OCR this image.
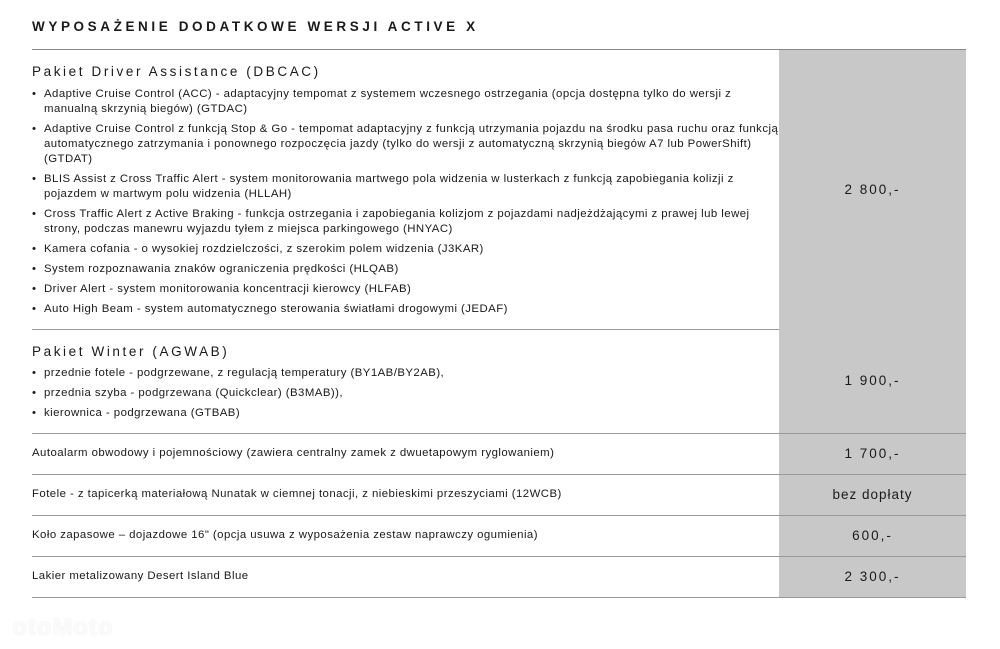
WYPOSAŻENIE DODATKOWE WERSJI ACTIVE X
Pakiet Driver Assistance (DBCAC)
• Adaptive Cruise Control (ACC) - adaptacyjny tempomat z systemem wczesnego ostrzegania (opcja dostępna tylko do wersji z manualną skrzynią biegów) (GTDAC)
• Adaptive Cruise Control z funkcją Stop & Go - tempomat adaptacyjny z funkcją utrzymania pojazdu na środku pasa ruchu oraz funkcją automatycznego zatrzymania i ponownego rozpoczęcia jazdy (tylko do wersji z automatyczną skrzynią biegów A7 lub PowerShift) (GTDAT)
• BLIS Assist z Cross Traffic Alert - system monitorowania martwego pola widzenia w lusterkach z funkcją zapobiegania kolizji z pojazdem w martwym polu widzenia (HLLAH)
• Cross Traffic Alert z Active Braking - funkcja ostrzegania i zapobiegania kolizjom z pojazdami nadjeżdżającymi z prawej lub lewej strony, podczas manewru wyjazdu tyłem z miejsca parkingowego (HNYAC)
• Kamera cofania - o wysokiej rozdzielczości, z szerokim polem widzenia (J3KAR)
• System rozpoznawania znaków ograniczenia prędkości (HLQAB)
• Driver Alert - system monitorowania koncentracji kierowcy (HLFAB)
• Auto High Beam - system automatycznego sterowania światłami drogowymi (JEDAF)
2 800,-
Pakiet Winter (AGWAB)
• przednie fotele - podgrzewane, z regulacją temperatury (BY1AB/BY2AB),
• przednia szyba - podgrzewana (Quickclear) (B3MAB)),
• kierownica - podgrzewana (GTBAB)
1 900,-
Autoalarm obwodowy i pojemnościowy (zawiera centralny zamek z dwuetapowym ryglowaniem)	1 700,-
Fotele - z tapicerką materiałową Nunatak w ciemnej tonacji, z niebieskimi przeszyciami (12WCB)	bez dopłaty
Koło zapasowe – dojazdowe 16" (opcja usuwa z wyposażenia zestaw naprawczy ogumienia)	600,-
Lakier metalizowany Desert Island Blue	2 300,-
otoMoto
